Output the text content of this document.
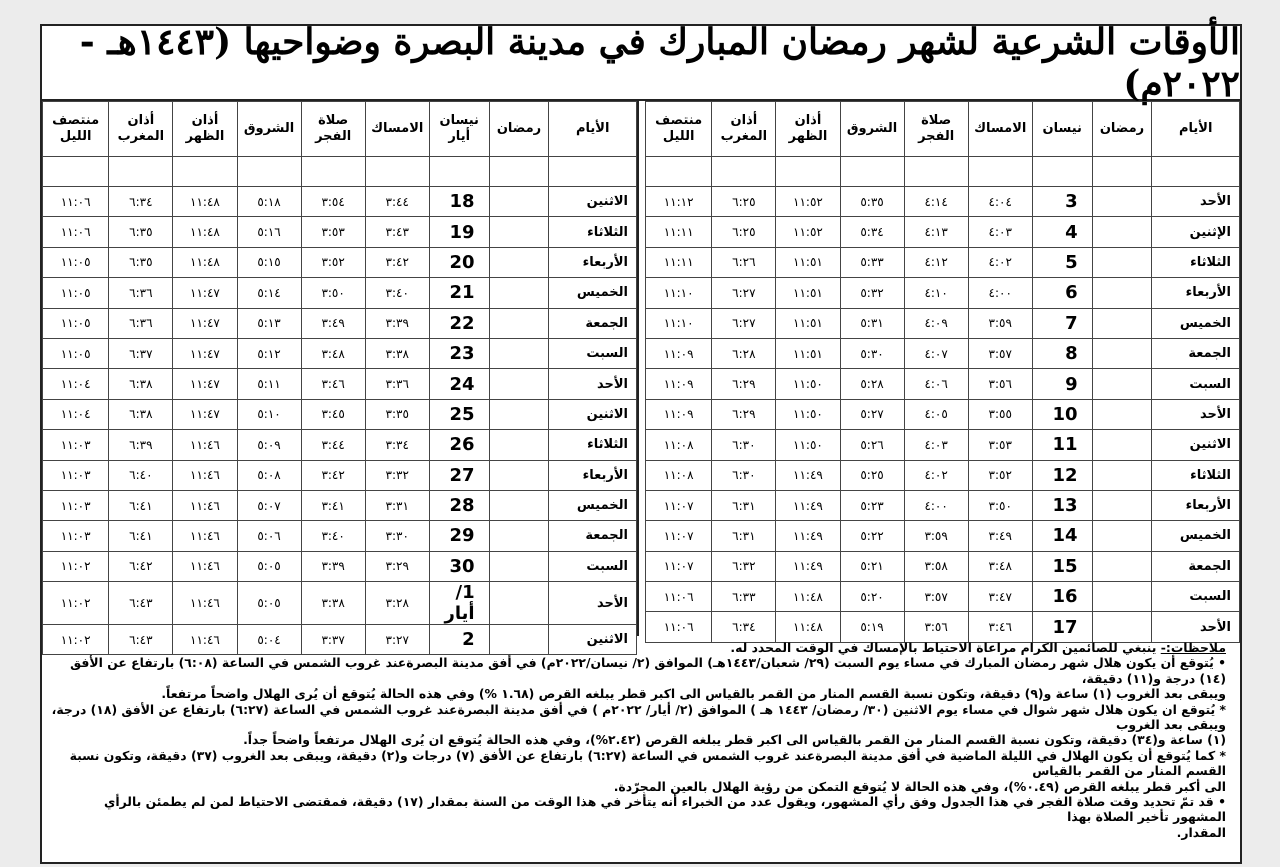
الأوقات الشرعية لشهر رمضان المبارك في مدينة البصرة وضواحيها (١٤٤٣هـ - ٢٠٢٢م)
الأيام	رمضان	نيسان	الامساك	صلاة الفجر	الشروق	أذان الظهر	أذان المغرب	منتصف الليل

الأحد		3	٤:٠٤	٤:١٤	٥:٣٥	١١:٥٢	٦:٢٥	١١:١٢
الإثنين		4	٤:٠٣	٤:١٣	٥:٣٤	١١:٥٢	٦:٢٥	١١:١١
الثلاثاء		5	٤:٠٢	٤:١٢	٥:٣٣	١١:٥١	٦:٢٦	١١:١١
الأربعاء		6	٤:٠٠	٤:١٠	٥:٣٢	١١:٥١	٦:٢٧	١١:١٠
الخميس		7	٣:٥٩	٤:٠٩	٥:٣١	١١:٥١	٦:٢٧	١١:١٠
الجمعة		8	٣:٥٧	٤:٠٧	٥:٣٠	١١:٥١	٦:٢٨	١١:٠٩
السبت		9	٣:٥٦	٤:٠٦	٥:٢٨	١١:٥٠	٦:٢٩	١١:٠٩
الأحد		10	٣:٥٥	٤:٠٥	٥:٢٧	١١:٥٠	٦:٢٩	١١:٠٩
الاثنين		11	٣:٥٣	٤:٠٣	٥:٢٦	١١:٥٠	٦:٣٠	١١:٠٨
الثلاثاء		12	٣:٥٢	٤:٠٢	٥:٢٥	١١:٤٩	٦:٣٠	١١:٠٨
الأربعاء		13	٣:٥٠	٤:٠٠	٥:٢٣	١١:٤٩	٦:٣١	١١:٠٧
الخميس		14	٣:٤٩	٣:٥٩	٥:٢٢	١١:٤٩	٦:٣١	١١:٠٧
الجمعة		15	٣:٤٨	٣:٥٨	٥:٢١	١١:٤٩	٦:٣٢	١١:٠٧
السبت		16	٣:٤٧	٣:٥٧	٥:٢٠	١١:٤٨	٦:٣٣	١١:٠٦
الأحد		17	٣:٤٦	٣:٥٦	٥:١٩	١١:٤٨	٦:٣٤	١١:٠٦
الأيام	رمضان	نيسان أيار	الامساك	صلاة الفجر	الشروق	أذان الظهر	أذان المغرب	منتصف الليل

الاثنين		18	٣:٤٤	٣:٥٤	٥:١٨	١١:٤٨	٦:٣٤	١١:٠٦
الثلاثاء		19	٣:٤٣	٣:٥٣	٥:١٦	١١:٤٨	٦:٣٥	١١:٠٦
الأربعاء		20	٣:٤٢	٣:٥٢	٥:١٥	١١:٤٨	٦:٣٥	١١:٠٥
الخميس		21	٣:٤٠	٣:٥٠	٥:١٤	١١:٤٧	٦:٣٦	١١:٠٥
الجمعة		22	٣:٣٩	٣:٤٩	٥:١٣	١١:٤٧	٦:٣٦	١١:٠٥
السبت		23	٣:٣٨	٣:٤٨	٥:١٢	١١:٤٧	٦:٣٧	١١:٠٥
الأحد		24	٣:٣٦	٣:٤٦	٥:١١	١١:٤٧	٦:٣٨	١١:٠٤
الاثنين		25	٣:٣٥	٣:٤٥	٥:١٠	١١:٤٧	٦:٣٨	١١:٠٤
الثلاثاء		26	٣:٣٤	٣:٤٤	٥:٠٩	١١:٤٦	٦:٣٩	١١:٠٣
الأربعاء		27	٣:٣٢	٣:٤٢	٥:٠٨	١١:٤٦	٦:٤٠	١١:٠٣
الخميس		28	٣:٣١	٣:٤١	٥:٠٧	١١:٤٦	٦:٤١	١١:٠٣
الجمعة		29	٣:٣٠	٣:٤٠	٥:٠٦	١١:٤٦	٦:٤١	١١:٠٣
السبت		30	٣:٢٩	٣:٣٩	٥:٠٥	١١:٤٦	٦:٤٢	١١:٠٢
الأحد		1/ أيار	٣:٢٨	٣:٣٨	٥:٠٥	١١:٤٦	٦:٤٣	١١:٠٢
الاثنين		2	٣:٢٧	٣:٣٧	٥:٠٤	١١:٤٦	٦:٤٣	١١:٠٢

ملاحظات:- ينبغي للصائمين الكرام مراعاة الاحتياط بالإمساك في الوقت المحدد له.

• يُتوقع أن يكون هلال شهر رمضان المبارك في مساء يوم السبت (٢٩/ شعبان/١٤٤٣هـ) الموافق (٢/ نيسان/٢٠٢٢م) في أفق مدينة البصرةعند غروب الشمس في الساعة (٦:٠٨) بارتفاع عن الأفق (١٤) درجة و(١١) دقيقة،

ويبقى بعد الغروب (١) ساعة و(٩) دقيقة، وتكون نسبة القسم المنار من القمر بالقياس الى اكبر قطر يبلغه القرص (١.٦٨ %) وفي هذه الحالة يُتوقع أن يُرى الهلال واضحاً مرتفعاً.

* يُتوقع ان يكون هلال شهر شوال في مساء يوم الاثنين (٣٠/ رمضان/ ١٤٤٣ هـ ) الموافق (٢/ أيار/ ٢٠٢٢م ) في أفق مدينة البصرةعند غروب الشمس في الساعة (٦:٢٧) بارتفاع عن الأفق (١٨) درجة، ويبقى بعد الغروب

(١) ساعة و(٣٤) دقيقة، وتكون نسبة القسم المنار من القمر بالقياس الى اكبر قطر يبلغه القرص (٢.٤٢%)، وفي هذه الحالة يُتوقع ان يُرى الهلال مرتفعاً واضحاً جداً.

* كما يُتوقع أن يكون الهلال في الليلة الماضية في أفق مدينة البصرةعند غروب الشمس في الساعة (٦:٢٧) بارتفاع عن الأفق (٧) درجات و(٢) دقيقة، ويبقى بعد الغروب (٣٧) دقيقة، وتكون نسبة القسم المنار من القمر بالقياس

الى أكبر قطر يبلغه القرص (٠.٤٩%)، وفي هذه الحالة لا يُتوقع التمكن من رؤية الهلال بالعين المجرّدة.

• قد تمّ تحديد وقت صلاة الفجر في هذا الجدول وفق رأي المشهور، ويقول عدد من الخبراء أنه يتأخر في هذا الوقت من السنة بمقدار (١٧) دقيقة، فمقتضى الاحتياط لمن لم يطمئن بالرأي المشهور تأخير الصلاة بهذا

المقدار.
